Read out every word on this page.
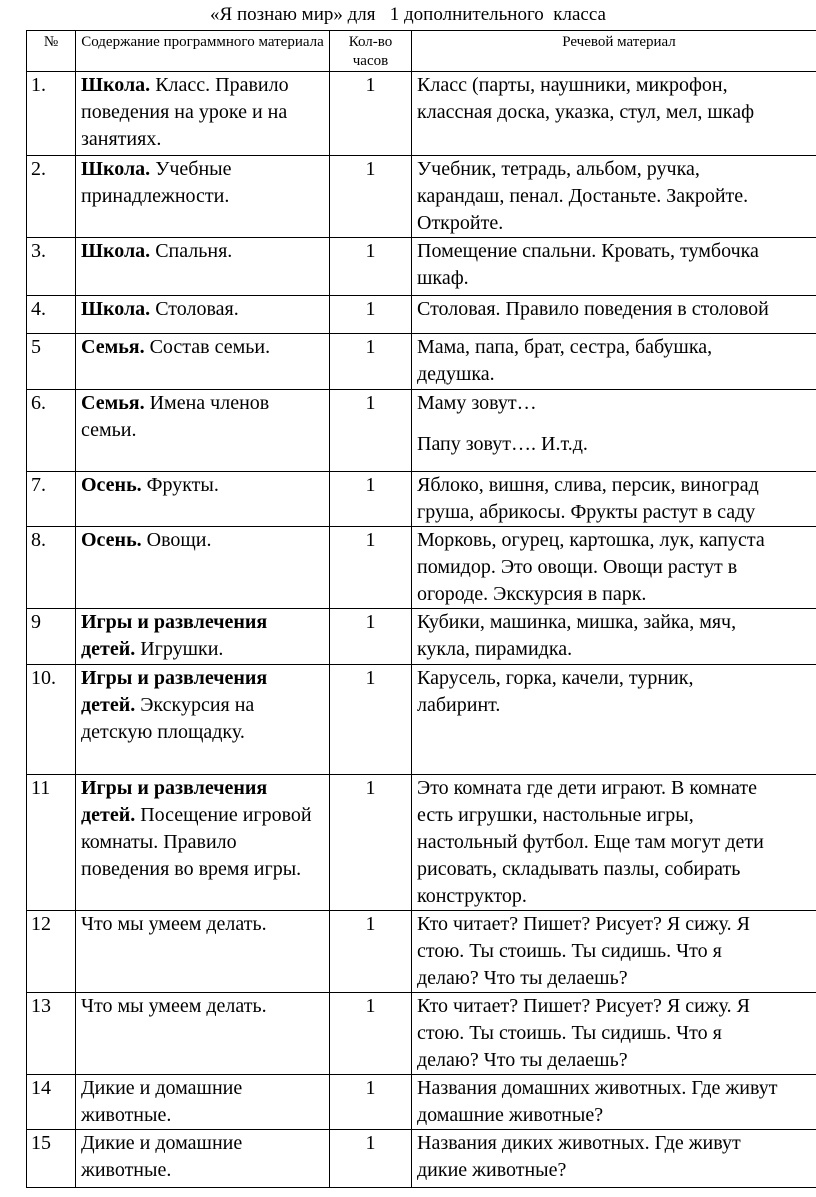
«Я познаю мир» для   1 дополнительного  класса
№	Содержание программного материала	Кол-во часов	Речевой материал
1.	Школа. Класс. Правило поведения на уроке и на занятиях.	1	Класс (парты, наушники, микрофон,
классная доска, указка, стул, мел, шкаф

2.	Школа. Учебные принадлежности.	1	Учебник, тетрадь, альбом, ручка,
карандаш, пенал. Достаньте. Закройте.
Откройте.

3.	Школа. Спальня.	1	Помещение спальни. Кровать, тумбочка
шкаф.

4.	Школа. Столовая.	1	Столовая. Правило поведения в столовой

5	Семья. Состав семьи.	1	Мама, папа, брат, сестра, бабушка,
дедушка.

6.	Семья. Имена членов семьи.	1	Маму зовут…
Папу зовут…. И.т.д.

7.	Осень. Фрукты.	1	Яблоко, вишня, слива, персик, виноград
груша, абрикосы. Фрукты растут в саду

8.	Осень. Овощи.	1	Морковь, огурец, картошка, лук, капуста
помидор. Это овощи. Овощи растут в
огороде. Экскурсия в парк.

9	Игры и развлечения детей. Игрушки.	1	Кубики, машинка, мишка, зайка, мяч,
кукла, пирамидка.

10.	Игры и развлечения детей. Экскурсия на детскую площадку.	1	Карусель, горка, качели, турник,
лабиринт.

11	Игры и развлечения детей. Посещение игровой комнаты. Правило поведения во время игры.	1	Это комната где дети играют. В комнате
есть игрушки, настольные игры,
настольный футбол. Еще там могут дети
рисовать, складывать пазлы, собирать
конструктор.

12	Что мы умеем делать.	1	Кто читает? Пишет? Рисует? Я сижу. Я
стою. Ты стоишь. Ты сидишь. Что я
делаю? Что ты делаешь?

13	Что мы умеем делать.	1	Кто читает? Пишет? Рисует? Я сижу. Я
стою. Ты стоишь. Ты сидишь. Что я
делаю? Что ты делаешь?

14	Дикие и домашние животные.	1	Названия домашних животных. Где живут
домашние животные?

15	Дикие и домашние животные.	1	Названия диких животных. Где живут
дикие животные?
